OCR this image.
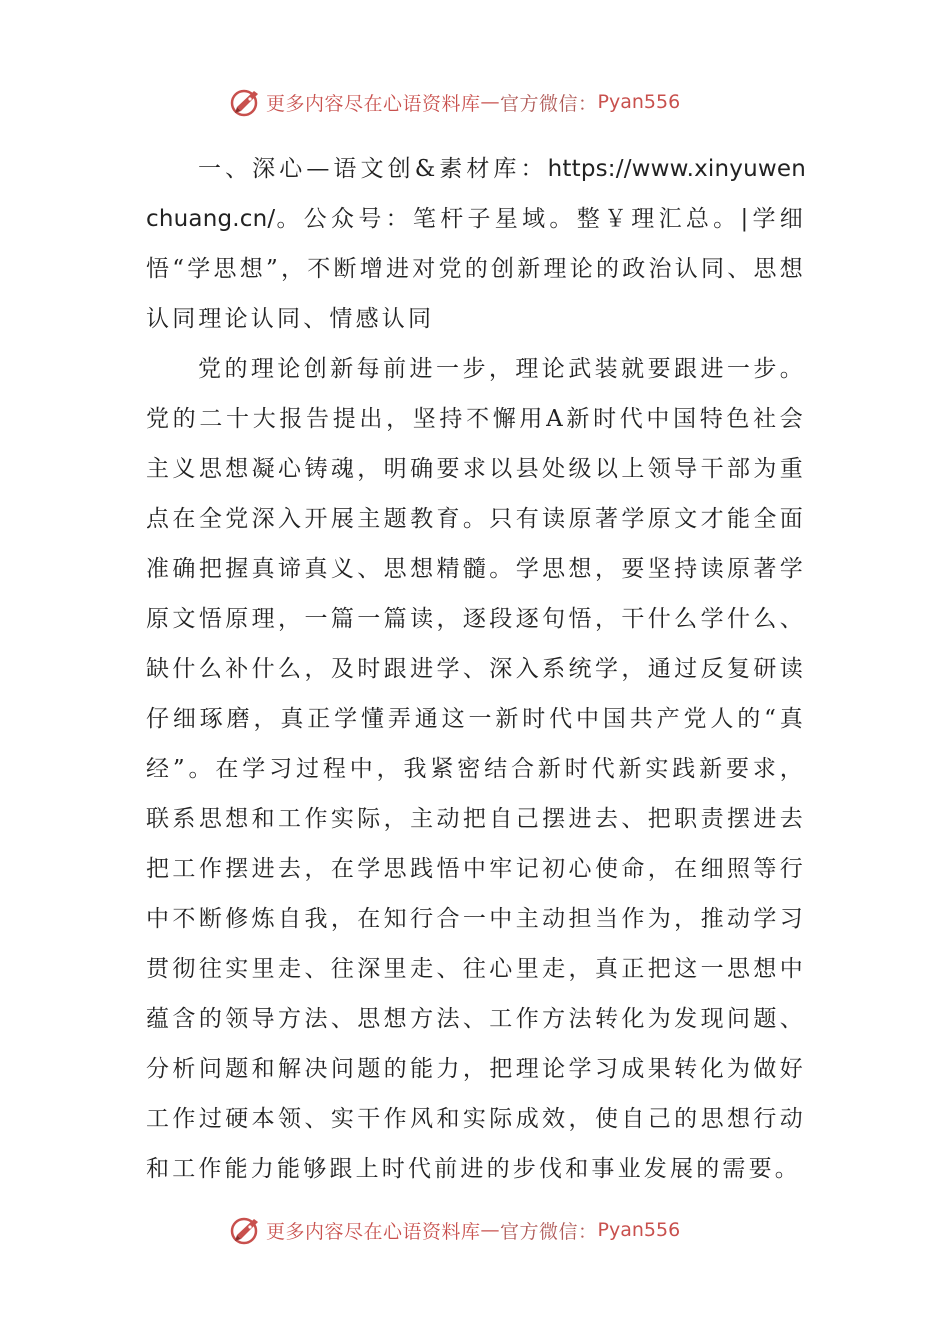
更多内容尽在心语资料库 — 官方微信： Pyan556

一、深心—语文创&素材库：https://www.xinyuwenchuang.cn/。公众号：笔杆子星域。整￥理汇总。|学细悟“学思想”，不断增进对党的创新理论的政治认同、思想认同理论认同、情感认同

党的理论创新每前进一步，理论武装就要跟进一步。党的二十大报告提出，坚持不懈用A新时代中国特色社会主义思想凝心铸魂，明确要求以县处级以上领导干部为重点在全党深入开展主题教育。只有读原著学原文才能全面准确把握真谛真义、思想精髓。学思想，要坚持读原著学原文悟原理，一篇一篇读，逐段逐句悟，干什么学什么、缺什么补什么，及时跟进学、深入系统学，通过反复研读仔细琢磨，真正学懂弄通这一新时代中国共产党人的“真经”。在学习过程中，我紧密结合新时代新实践新要求，联系思想和工作实际，主动把自己摆进去、把职责摆进去把工作摆进去，在学思践悟中牢记初心使命，在细照等行中不断修炼自我，在知行合一中主动担当作为，推动学习贯彻往实里走、往深里走、往心里走，真正把这一思想中蕴含的领导方法、思想方法、工作方法转化为发现问题、分析问题和解决问题的能力，把理论学习成果转化为做好工作过硬本领、实干作风和实际成效，使自己的思想行动和工作能力能够跟上时代前进的步伐和事业发展的需要。

更多内容尽在心语资料库 — 官方微信： Pyan556
